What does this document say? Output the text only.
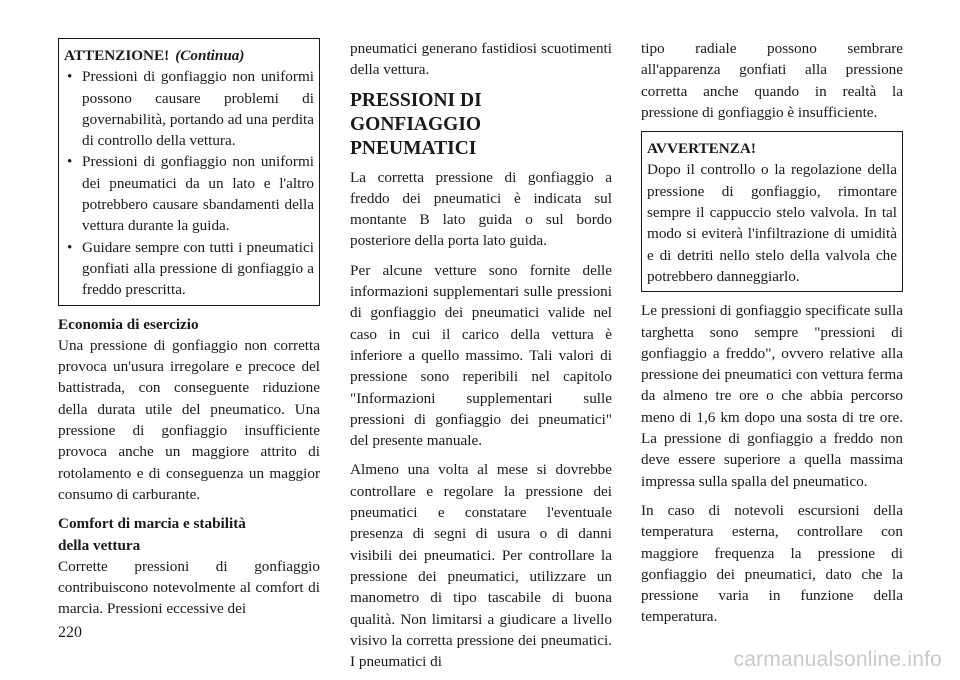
ATTENZIONE! (Continua)
• Pressioni di gonfiaggio non uniformi possono causare problemi di governabilità, portando ad una perdita di controllo della vettura.
• Pressioni di gonfiaggio non uniformi dei pneumatici da un lato e l'altro potrebbero causare sbandamenti della vettura durante la guida.
• Guidare sempre con tutti i pneumatici gonfiati alla pressione di gonfiaggio a freddo prescritta.
Economia di esercizio

Una pressione di gonfiaggio non corretta provoca un'usura irregolare e precoce del battistrada, con conseguente riduzione della durata utile del pneumatico. Una pressione di gonfiaggio insufficiente provoca anche un maggiore attrito di rotolamento e di conseguenza un maggior consumo di carburante.

Comfort di marcia e stabilità
della vettura

Corrette pressioni di gonfiaggio contribuiscono notevolmente al comfort di marcia. Pressioni eccessive dei

pneumatici generano fastidiosi scuotimenti della vettura.

PRESSIONI DI
GONFIAGGIO PNEUMATICI

La corretta pressione di gonfiaggio a freddo dei pneumatici è indicata sul montante B lato guida o sul bordo posteriore della porta lato guida.

Per alcune vetture sono fornite delle informazioni supplementari sulle pressioni di gonfiaggio dei pneumatici valide nel caso in cui il carico della vettura è inferiore a quello massimo. Tali valori di pressione sono reperibili nel capitolo "Informazioni supplementari sulle pressioni di gonfiaggio dei pneumatici" del presente manuale.

Almeno una volta al mese si dovrebbe controllare e regolare la pressione dei pneumatici e constatare l'eventuale presenza di segni di usura o di danni visibili dei pneumatici. Per controllare la pressione dei pneumatici, utilizzare un manometro di tipo tascabile di buona qualità. Non limitarsi a giudicare a livello visivo la corretta pressione dei pneumatici. I pneumatici di

tipo radiale possono sembrare all'apparenza gonfiati alla pressione corretta anche quando in realtà la pressione di gonfiaggio è insufficiente.

AVVERTENZA!

Dopo il controllo o la regolazione della pressione di gonfiaggio, rimontare sempre il cappuccio stelo valvola. In tal modo si eviterà l'infiltrazione di umidità e di detriti nello stelo della valvola che potrebbero danneggiarlo.

Le pressioni di gonfiaggio specificate sulla targhetta sono sempre "pressioni di gonfiaggio a freddo", ovvero relative alla pressione dei pneumatici con vettura ferma da almeno tre ore o che abbia percorso meno di 1,6 km dopo una sosta di tre ore. La pressione di gonfiaggio a freddo non deve essere superiore a quella massima impressa sulla spalla del pneumatico.

In caso di notevoli escursioni della temperatura esterna, controllare con maggiore frequenza la pressione di gonfiaggio dei pneumatici, dato che la pressione varia in funzione della temperatura.

220
carmanualsonline.info
